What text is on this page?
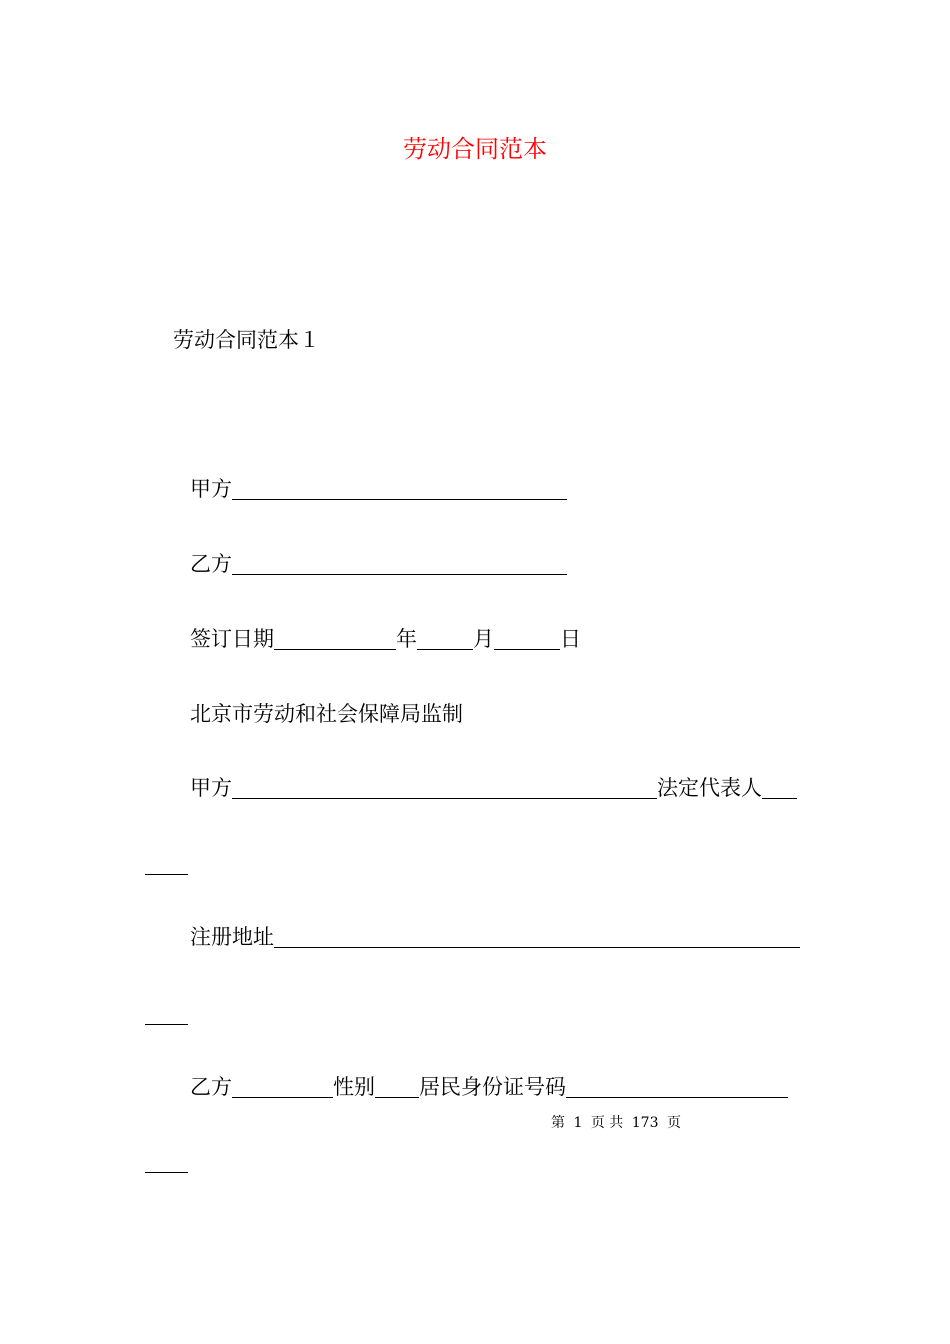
劳动合同范本
劳动合同范本１
甲方
乙方
签订日期	年	月	日
北京市劳动和社会保障局监制
甲方	法定代表人
注册地址
乙方	性别 居民身份证号码
第 1 页 共 173 页
